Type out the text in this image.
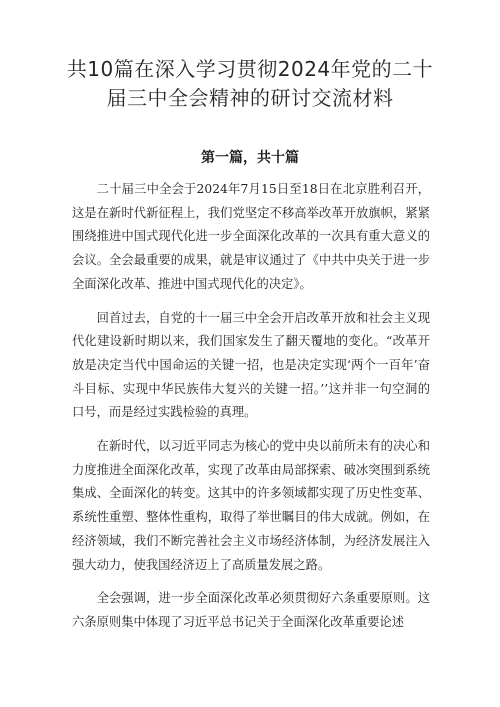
共10篇在深入学习贯彻2024年党的二十届三中全会精神的研讨交流材料
第一篇，共十篇

二十届三中全会于2024年7月15日至18日在北京胜利召开，这是在新时代新征程上，我们党坚定不移高举改革开放旗帜，紧紧围绕推进中国式现代化进一步全面深化改革的一次具有重大意义的会议。全会最重要的成果，就是审议通过了《中共中央关于进一步全面深化改革、推进中国式现代化的决定》。

回首过去，自党的十一届三中全会开启改革开放和社会主义现代化建设新时期以来，我们国家发生了翻天覆地的变化。“改革开放是决定当代中国命运的关键一招，也是决定实现‘两个一百年’奋斗目标、实现中华民族伟大复兴的关键一招。’’这并非一句空洞的口号，而是经过实践检验的真理。

在新时代，以习近平同志为核心的党中央以前所未有的决心和力度推进全面深化改革，实现了改革由局部探索、破冰突围到系统集成、全面深化的转变。这其中的许多领域都实现了历史性变革、系统性重塑、整体性重构，取得了举世瞩目的伟大成就。例如，在经济领域，我们不断完善社会主义市场经济体制，为经济发展注入强大动力，使我国经济迈上了高质量发展之路。

全会强调，进一步全面深化改革必须贯彻好六条重要原则。这六条原则集中体现了习近平总书记关于全面深化改革重要论述
